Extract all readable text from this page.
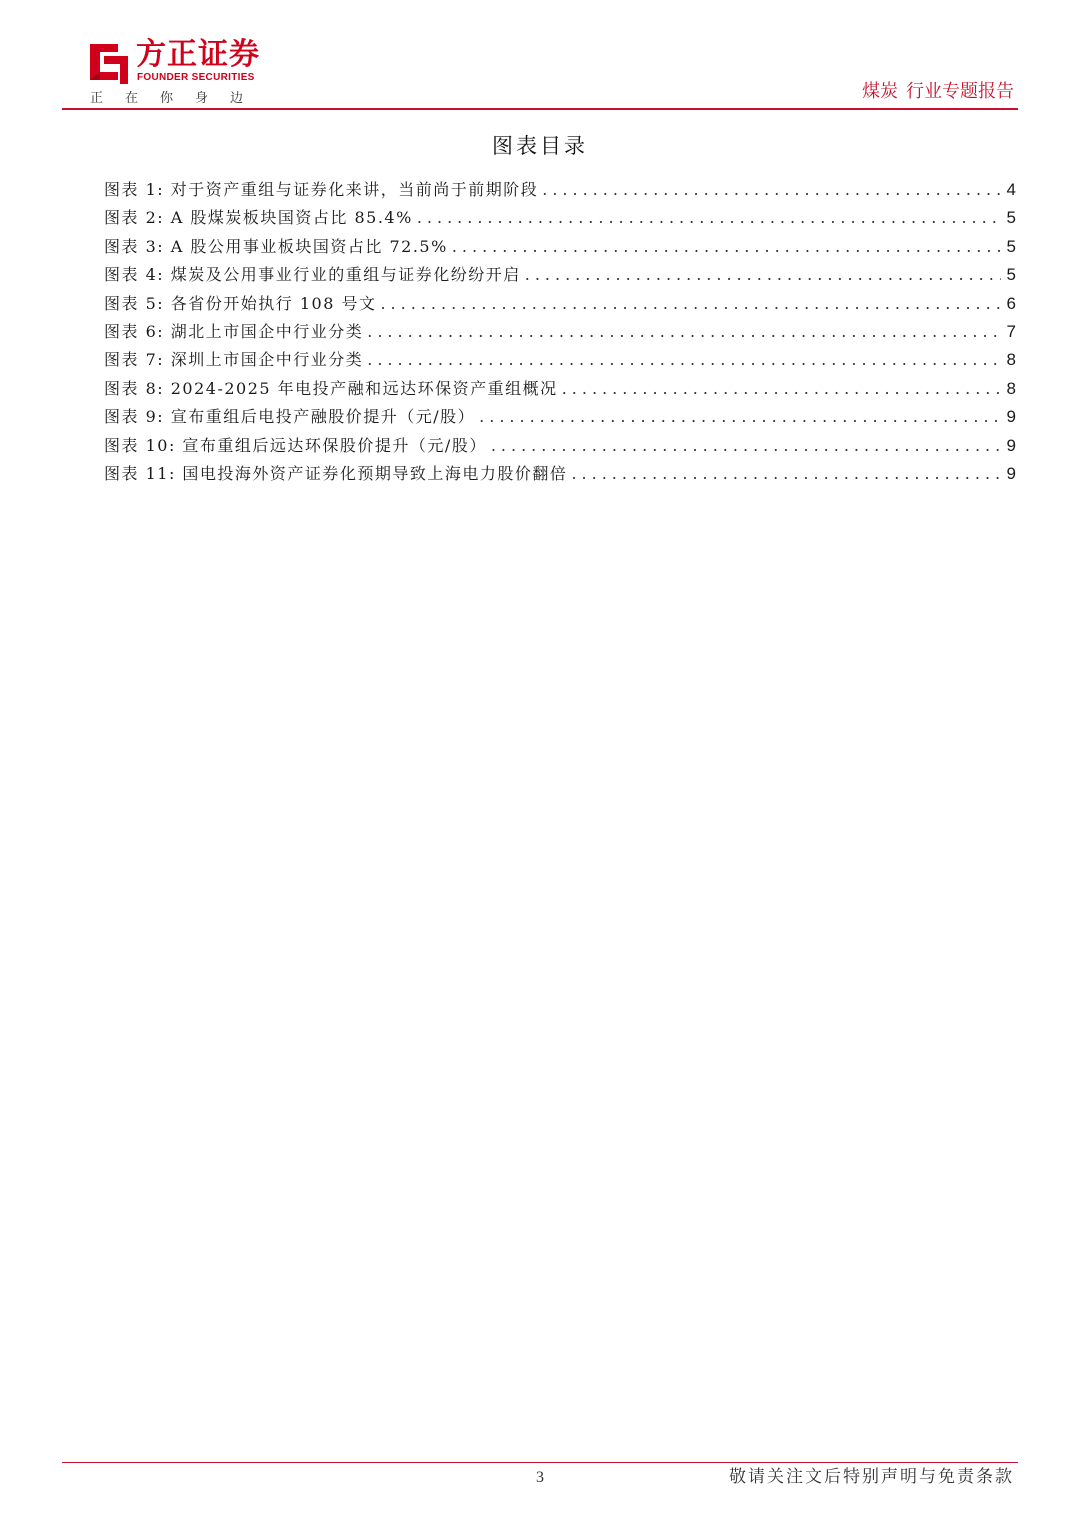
方正证券
FOUNDER SECURITIES
正在你身边	煤炭 行业专题报告
图表目录
图表 1: 对于资产重组与证券化来讲，当前尚于前期阶段 .....	4
图表 2: A 股煤炭板块国资占比 85.4% .....	5
图表 3: A 股公用事业板块国资占比 72.5% .....	5
图表 4: 煤炭及公用事业行业的重组与证券化纷纷开启 .....	5
图表 5: 各省份开始执行 108 号文 .....	6
图表 6: 湖北上市国企中行业分类 .....	7
图表 7: 深圳上市国企中行业分类 .....	8
图表 8: 2024-2025 年电投产融和远达环保资产重组概况 .....	8
图表 9: 宣布重组后电投产融股价提升（元/股） .....	9
图表 10: 宣布重组后远达环保股价提升（元/股） .....	9
图表 11: 国电投海外资产证券化预期导致上海电力股价翻倍 .....	9
3	敬请关注文后特别声明与免责条款
